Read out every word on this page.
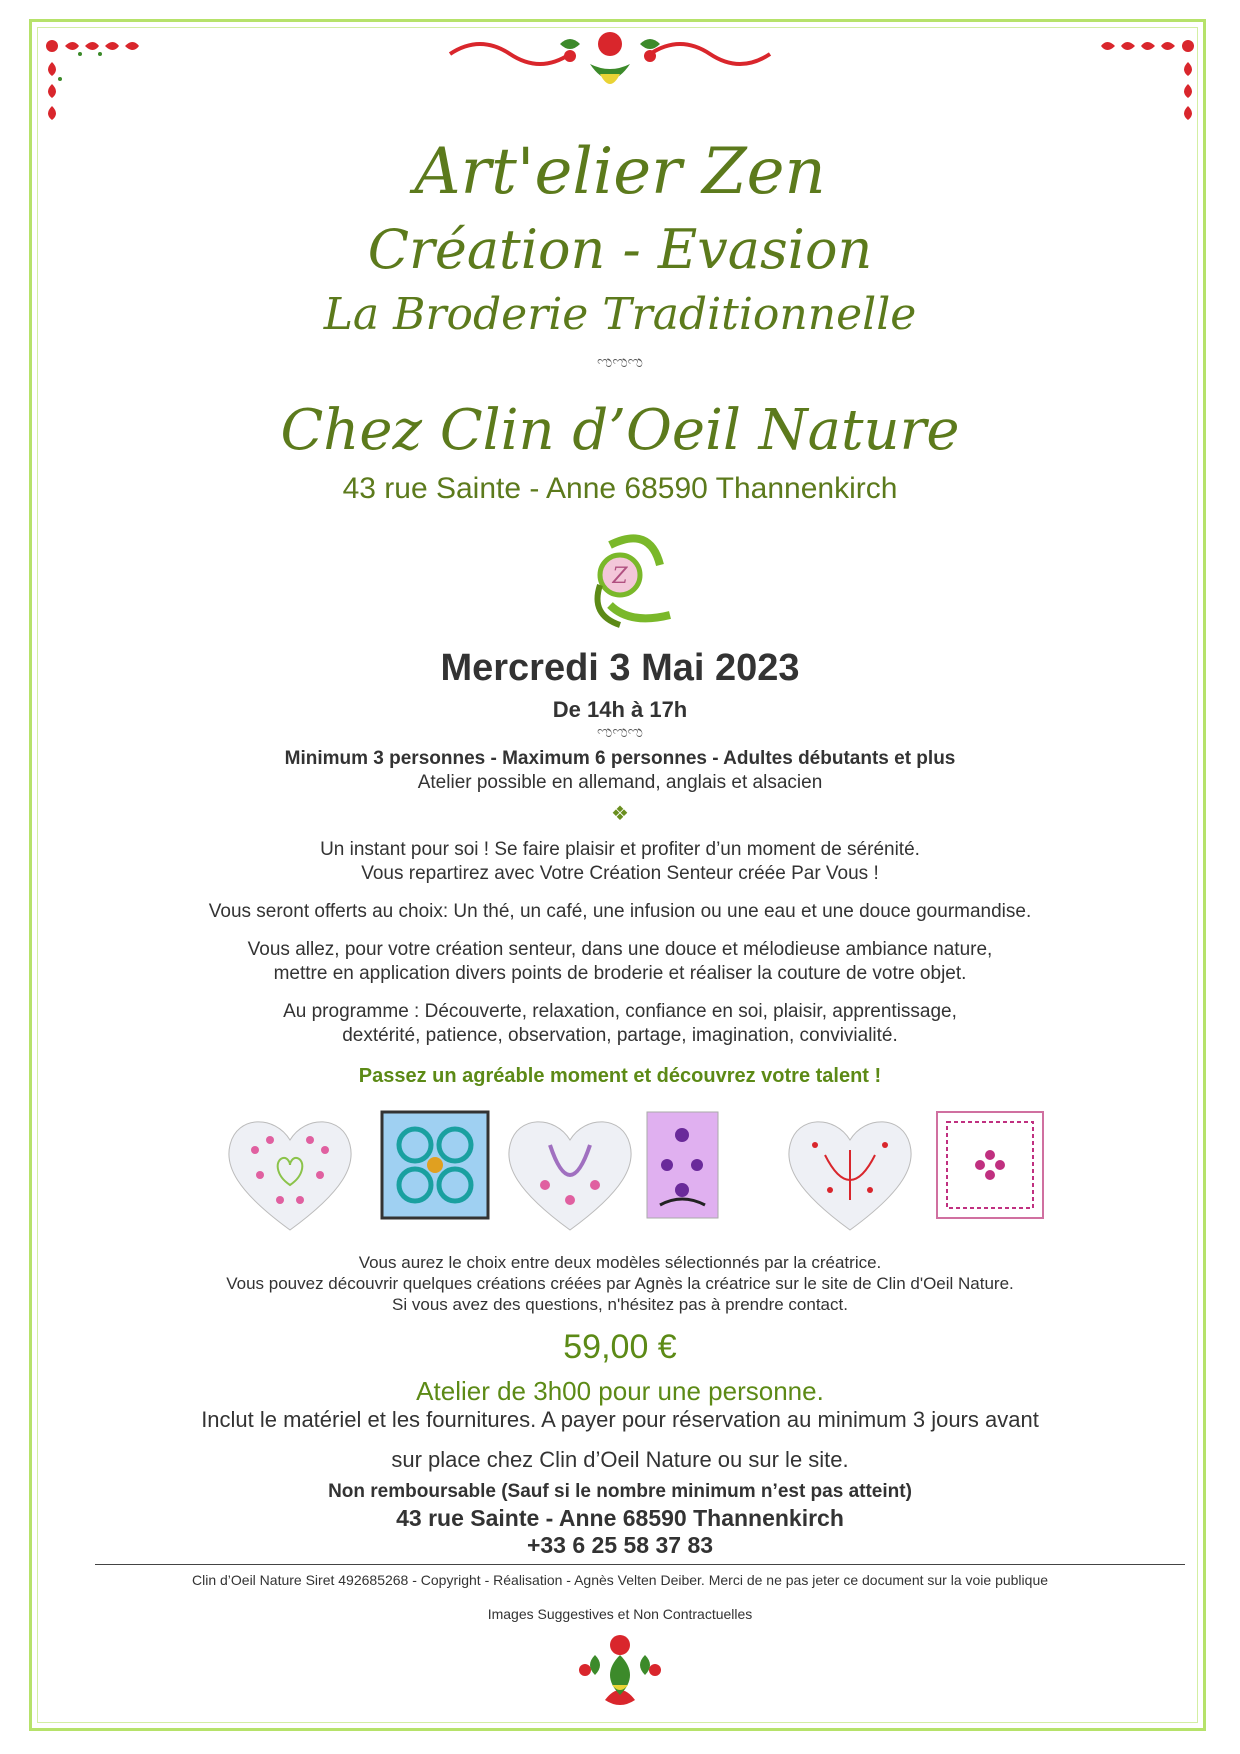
Art'elier Zen
Création - Evasion
La Broderie Traditionnelle
ಌಌಌ
Chez Clin d’Oeil Nature
43 rue Sainte - Anne 68590 Thannenkirch
Z
Mercredi 3 Mai 2023
De 14h à 17h
ಌಌಌ
Minimum 3 personnes - Maximum 6 personnes - Adultes débutants et plus
Atelier possible en allemand, anglais et alsacien
❖
Un instant pour soi ! Se faire plaisir et profiter d’un moment de sérénité.
Vous repartirez avec Votre Création Senteur créée Par Vous !
Vous seront offerts au choix: Un thé, un café, une infusion ou une eau et une douce gourmandise.
Vous allez, pour votre création senteur, dans une douce et mélodieuse ambiance nature,
mettre en application divers points de broderie et réaliser la couture de votre objet.
Au programme : Découverte, relaxation, confiance en soi, plaisir, apprentissage,
dextérité, patience, observation, partage, imagination, convivialité.
Passez un agréable moment et découvrez votre talent !
Vous aurez le choix entre deux modèles sélectionnés par la créatrice.
Vous pouvez découvrir quelques créations créées par Agnès la créatrice sur le site de Clin d'Oeil Nature.
Si vous avez des questions, n'hésitez pas à prendre contact.
59,00 €
Atelier de 3h00 pour une personne.
Inclut le matériel et les fournitures. A payer pour réservation au minimum 3 jours avant
sur place chez Clin d’Oeil Nature ou sur le site.
Non remboursable (Sauf si le nombre minimum n’est pas atteint)
43 rue Sainte - Anne 68590 Thannenkirch
+33 6 25 58 37 83
Clin d’Oeil Nature Siret 492685268 - Copyright - Réalisation - Agnès Velten Deiber. Merci de ne pas jeter ce document sur la voie publique
Images Suggestives et Non Contractuelles
